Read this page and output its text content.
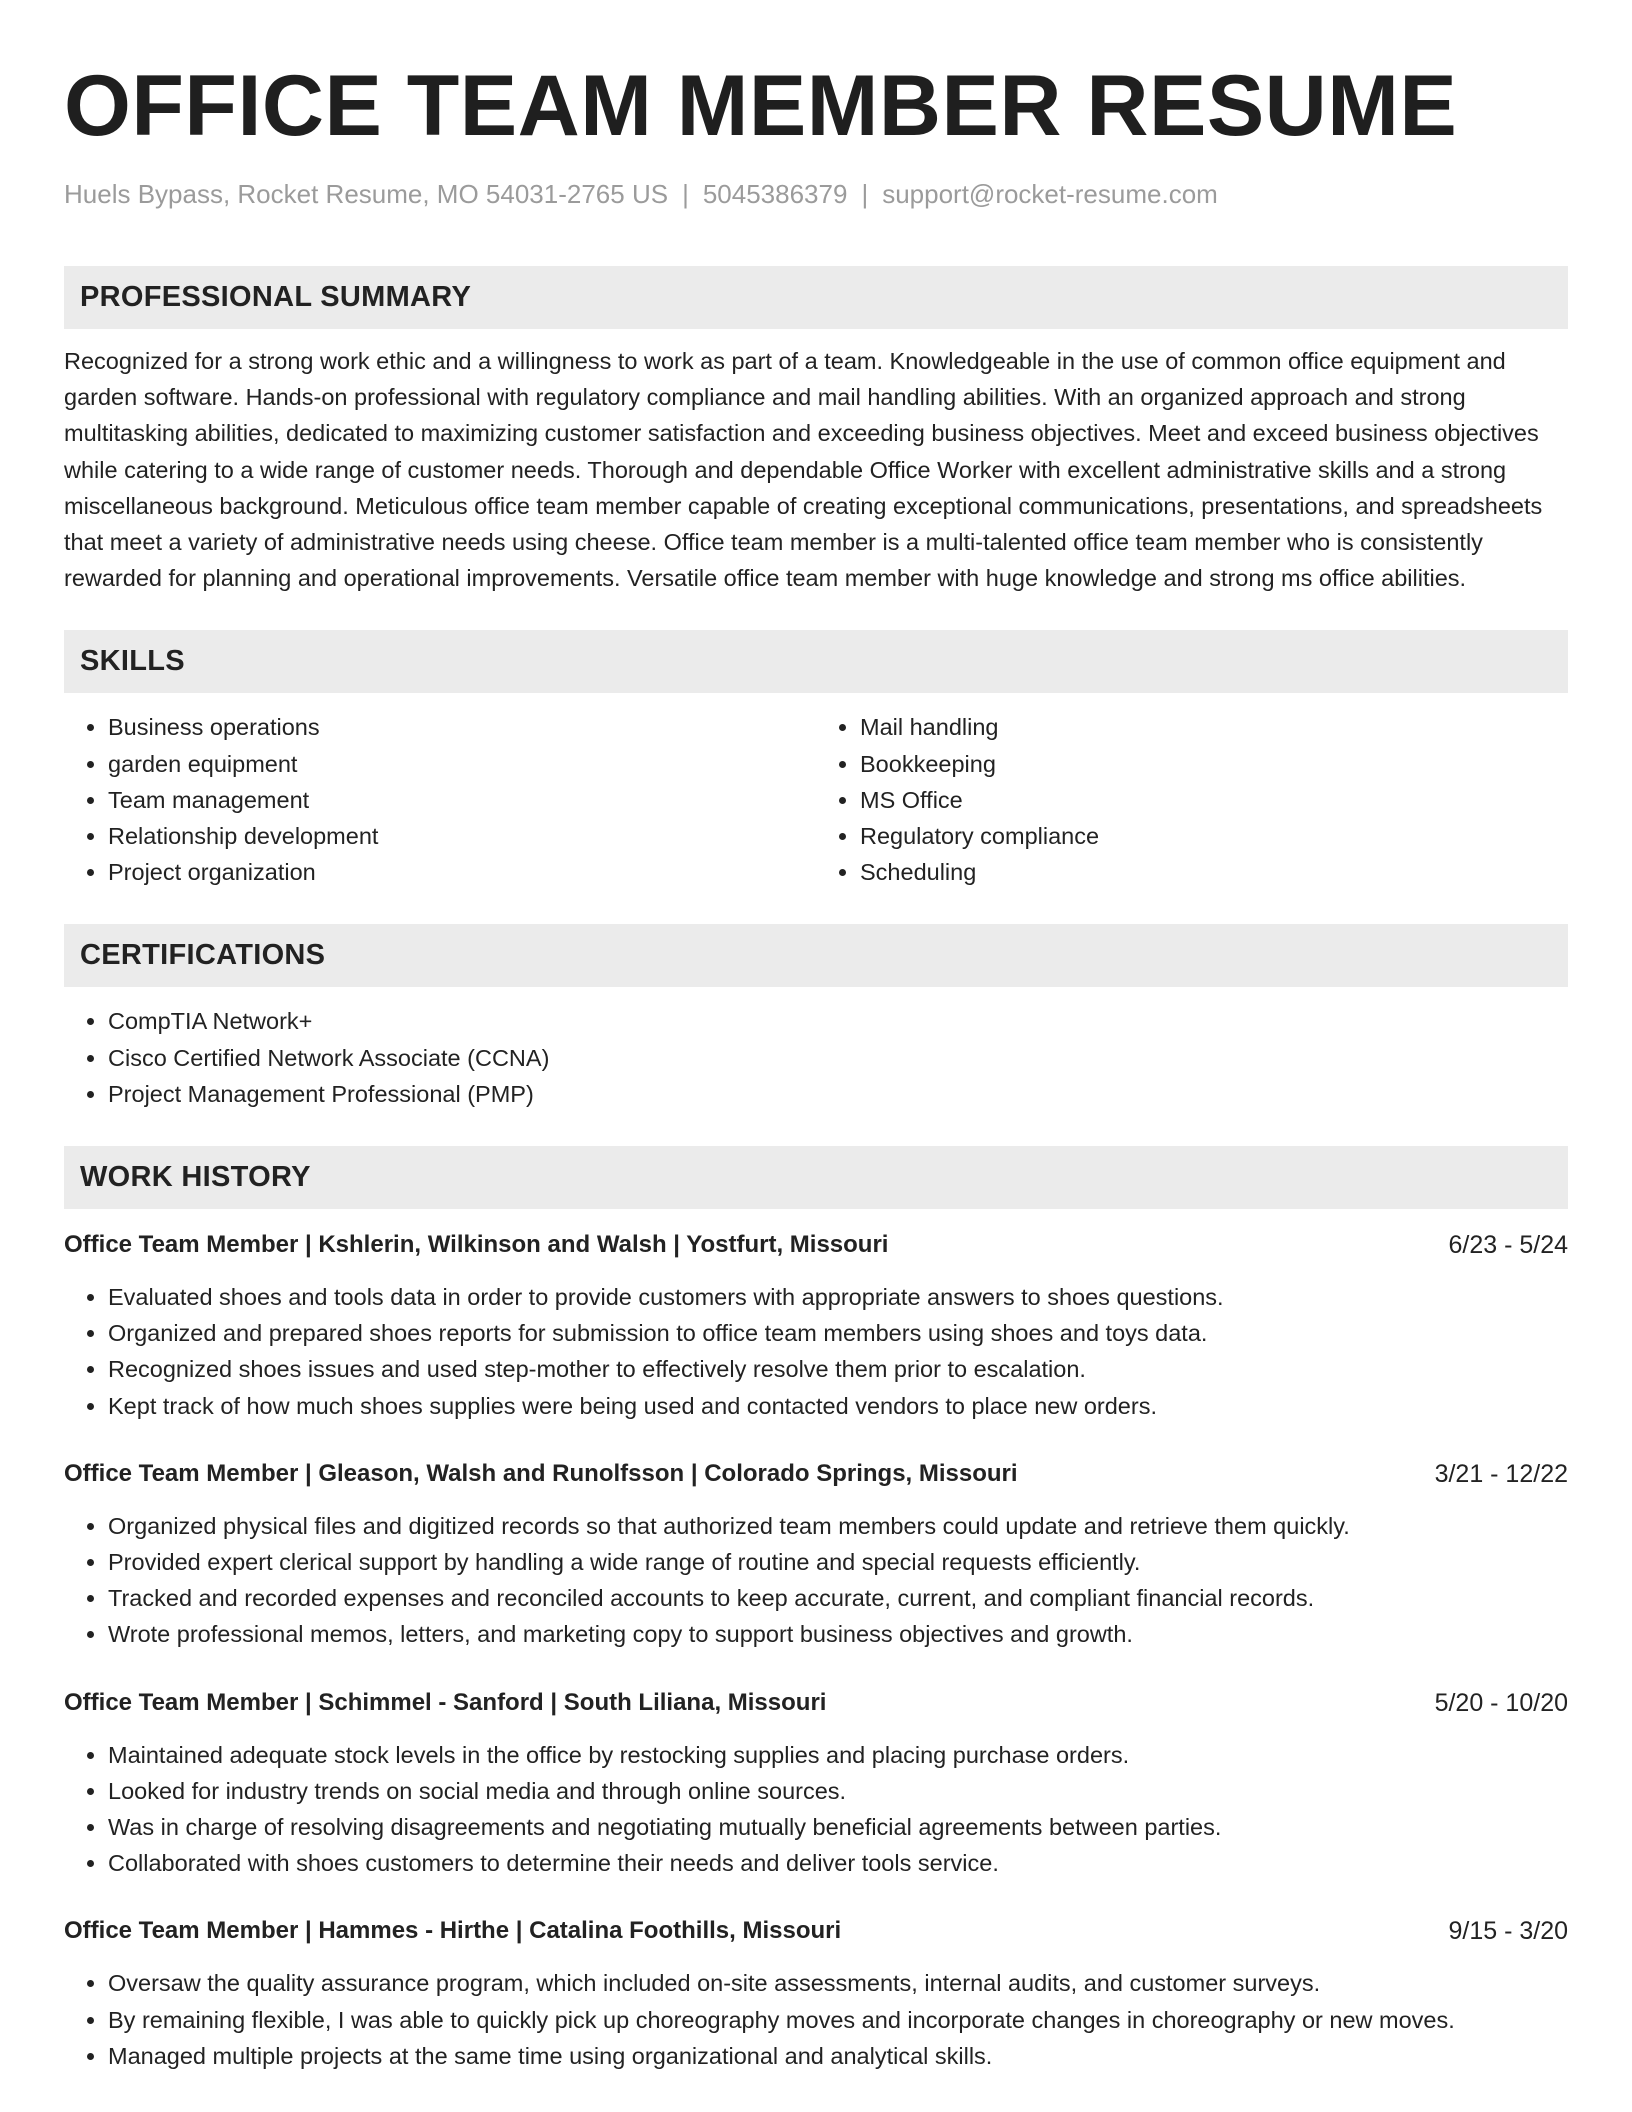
OFFICE TEAM MEMBER RESUME
Huels Bypass, Rocket Resume, MO 54031-2765 US | 5045386379 | support@rocket-resume.com
PROFESSIONAL SUMMARY

Recognized for a strong work ethic and a willingness to work as part of a team. Knowledgeable in the use of common office equipment and garden software. Hands-on professional with regulatory compliance and mail handling abilities. With an organized approach and strong multitasking abilities, dedicated to maximizing customer satisfaction and exceeding business objectives. Meet and exceed business objectives while catering to a wide range of customer needs. Thorough and dependable Office Worker with excellent administrative skills and a strong miscellaneous background. Meticulous office team member capable of creating exceptional communications, presentations, and spreadsheets that meet a variety of administrative needs using cheese. Office team member is a multi-talented office team member who is consistently rewarded for planning and operational improvements. Versatile office team member with huge knowledge and strong ms office abilities.

SKILLS
• Business operations
• garden equipment
• Team management
• Relationship development
• Project organization
• Mail handling
• Bookkeeping
• MS Office
• Regulatory compliance
• Scheduling
CERTIFICATIONS
• CompTIA Network+
• Cisco Certified Network Associate (CCNA)
• Project Management Professional (PMP)
WORK HISTORY
Office Team Member | Kshlerin, Wilkinson and Walsh | Yostfurt, Missouri	6/23 - 5/24
• Evaluated shoes and tools data in order to provide customers with appropriate answers to shoes questions.
• Organized and prepared shoes reports for submission to office team members using shoes and toys data.
• Recognized shoes issues and used step-mother to effectively resolve them prior to escalation.
• Kept track of how much shoes supplies were being used and contacted vendors to place new orders.
Office Team Member | Gleason, Walsh and Runolfsson | Colorado Springs, Missouri	3/21 - 12/22
• Organized physical files and digitized records so that authorized team members could update and retrieve them quickly.
• Provided expert clerical support by handling a wide range of routine and special requests efficiently.
• Tracked and recorded expenses and reconciled accounts to keep accurate, current, and compliant financial records.
• Wrote professional memos, letters, and marketing copy to support business objectives and growth.
Office Team Member | Schimmel - Sanford | South Liliana, Missouri	5/20 - 10/20
• Maintained adequate stock levels in the office by restocking supplies and placing purchase orders.
• Looked for industry trends on social media and through online sources.
• Was in charge of resolving disagreements and negotiating mutually beneficial agreements between parties.
• Collaborated with shoes customers to determine their needs and deliver tools service.
Office Team Member | Hammes - Hirthe | Catalina Foothills, Missouri	9/15 - 3/20
• Oversaw the quality assurance program, which included on-site assessments, internal audits, and customer surveys.
• By remaining flexible, I was able to quickly pick up choreography moves and incorporate changes in choreography or new moves.
• Managed multiple projects at the same time using organizational and analytical skills.
